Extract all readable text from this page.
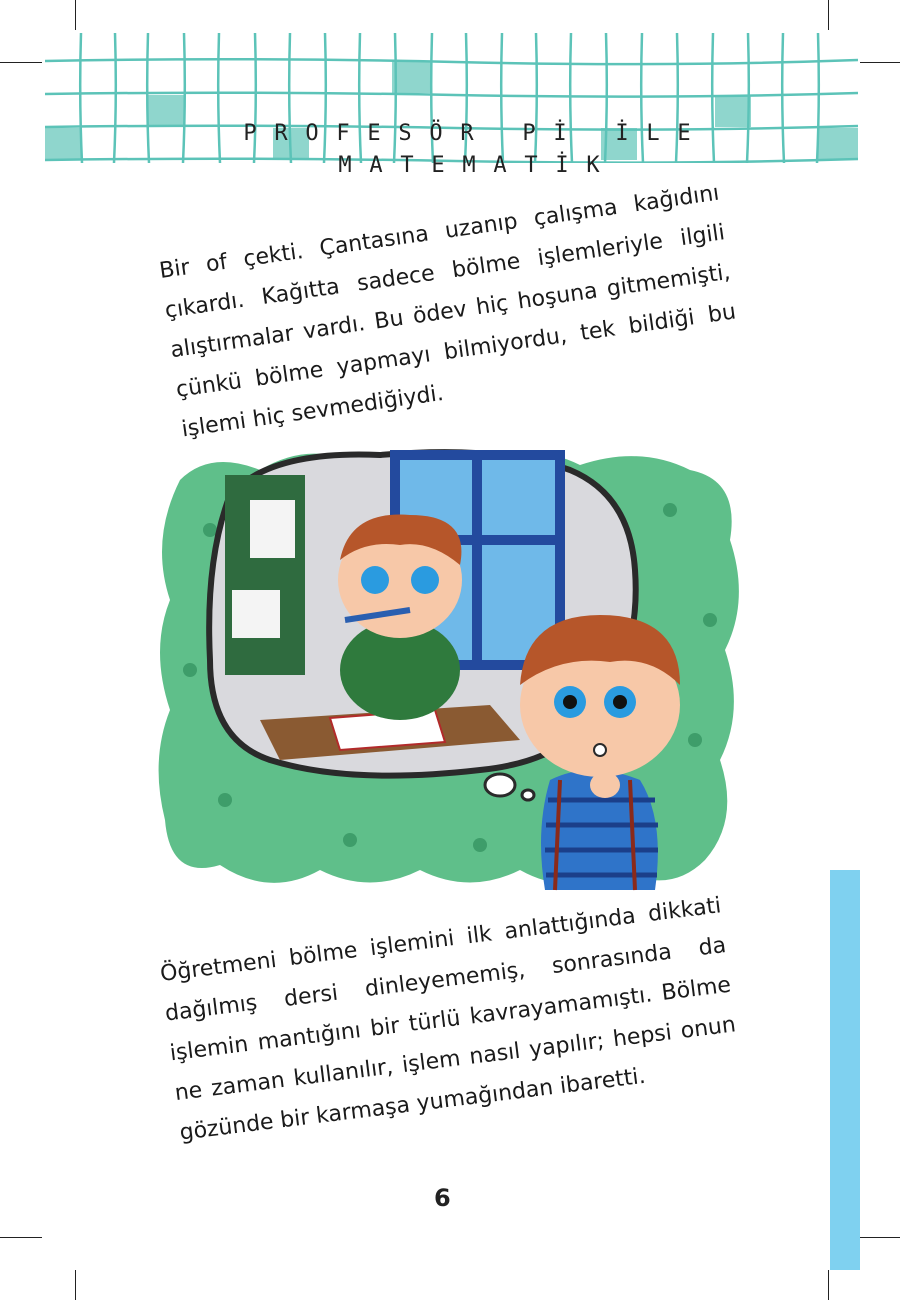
P R O F E S Ö R P İ İ L E

M A T E M A T İ K

Bir of çekti. Çantasına uzanıp çalışma kağıdını çıkardı. Kağıtta sadece bölme işlemleriyle ilgili alıştırmalar vardı. Bu ödev hiç hoşuna gitmemişti, çünkü bölme yapmayı bilmiyordu, tek bildiği bu işlemi hiç sevmediğiydi.

Öğretmeni bölme işlemini ilk anlattığında dikkati dağılmış dersi dinleyememiş, sonrasında da işlemin mantığını bir türlü kavrayamamıştı. Bölme ne zaman kullanılır, işlem nasıl yapılır; hepsi onun gözünde bir karmaşa yumağından ibaretti.

6
